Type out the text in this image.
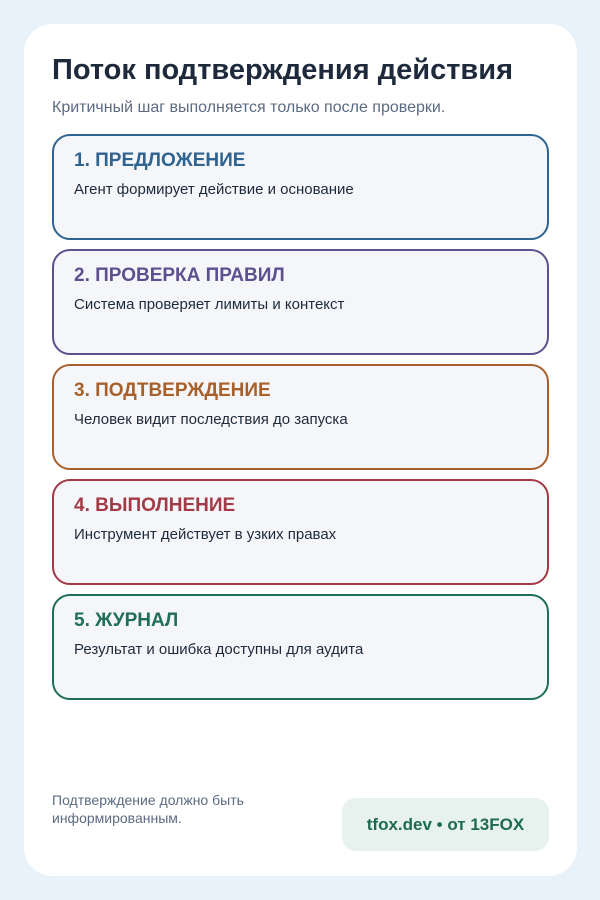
Поток подтверждения действия

Критичный шаг выполняется только после проверки.

1. ПРЕДЛОЖЕНИЕ
Агент формирует действие и основание
2. ПРОВЕРКА ПРАВИЛ
Система проверяет лимиты и контекст
3. ПОДТВЕРЖДЕНИЕ
Человек видит последствия до запуска
4. ВЫПОЛНЕНИЕ
Инструмент действует в узких правах
5. ЖУРНАЛ
Результат и ошибка доступны для аудита
Подтверждение должно быть информированным.	tfox.dev • от 13FOX
